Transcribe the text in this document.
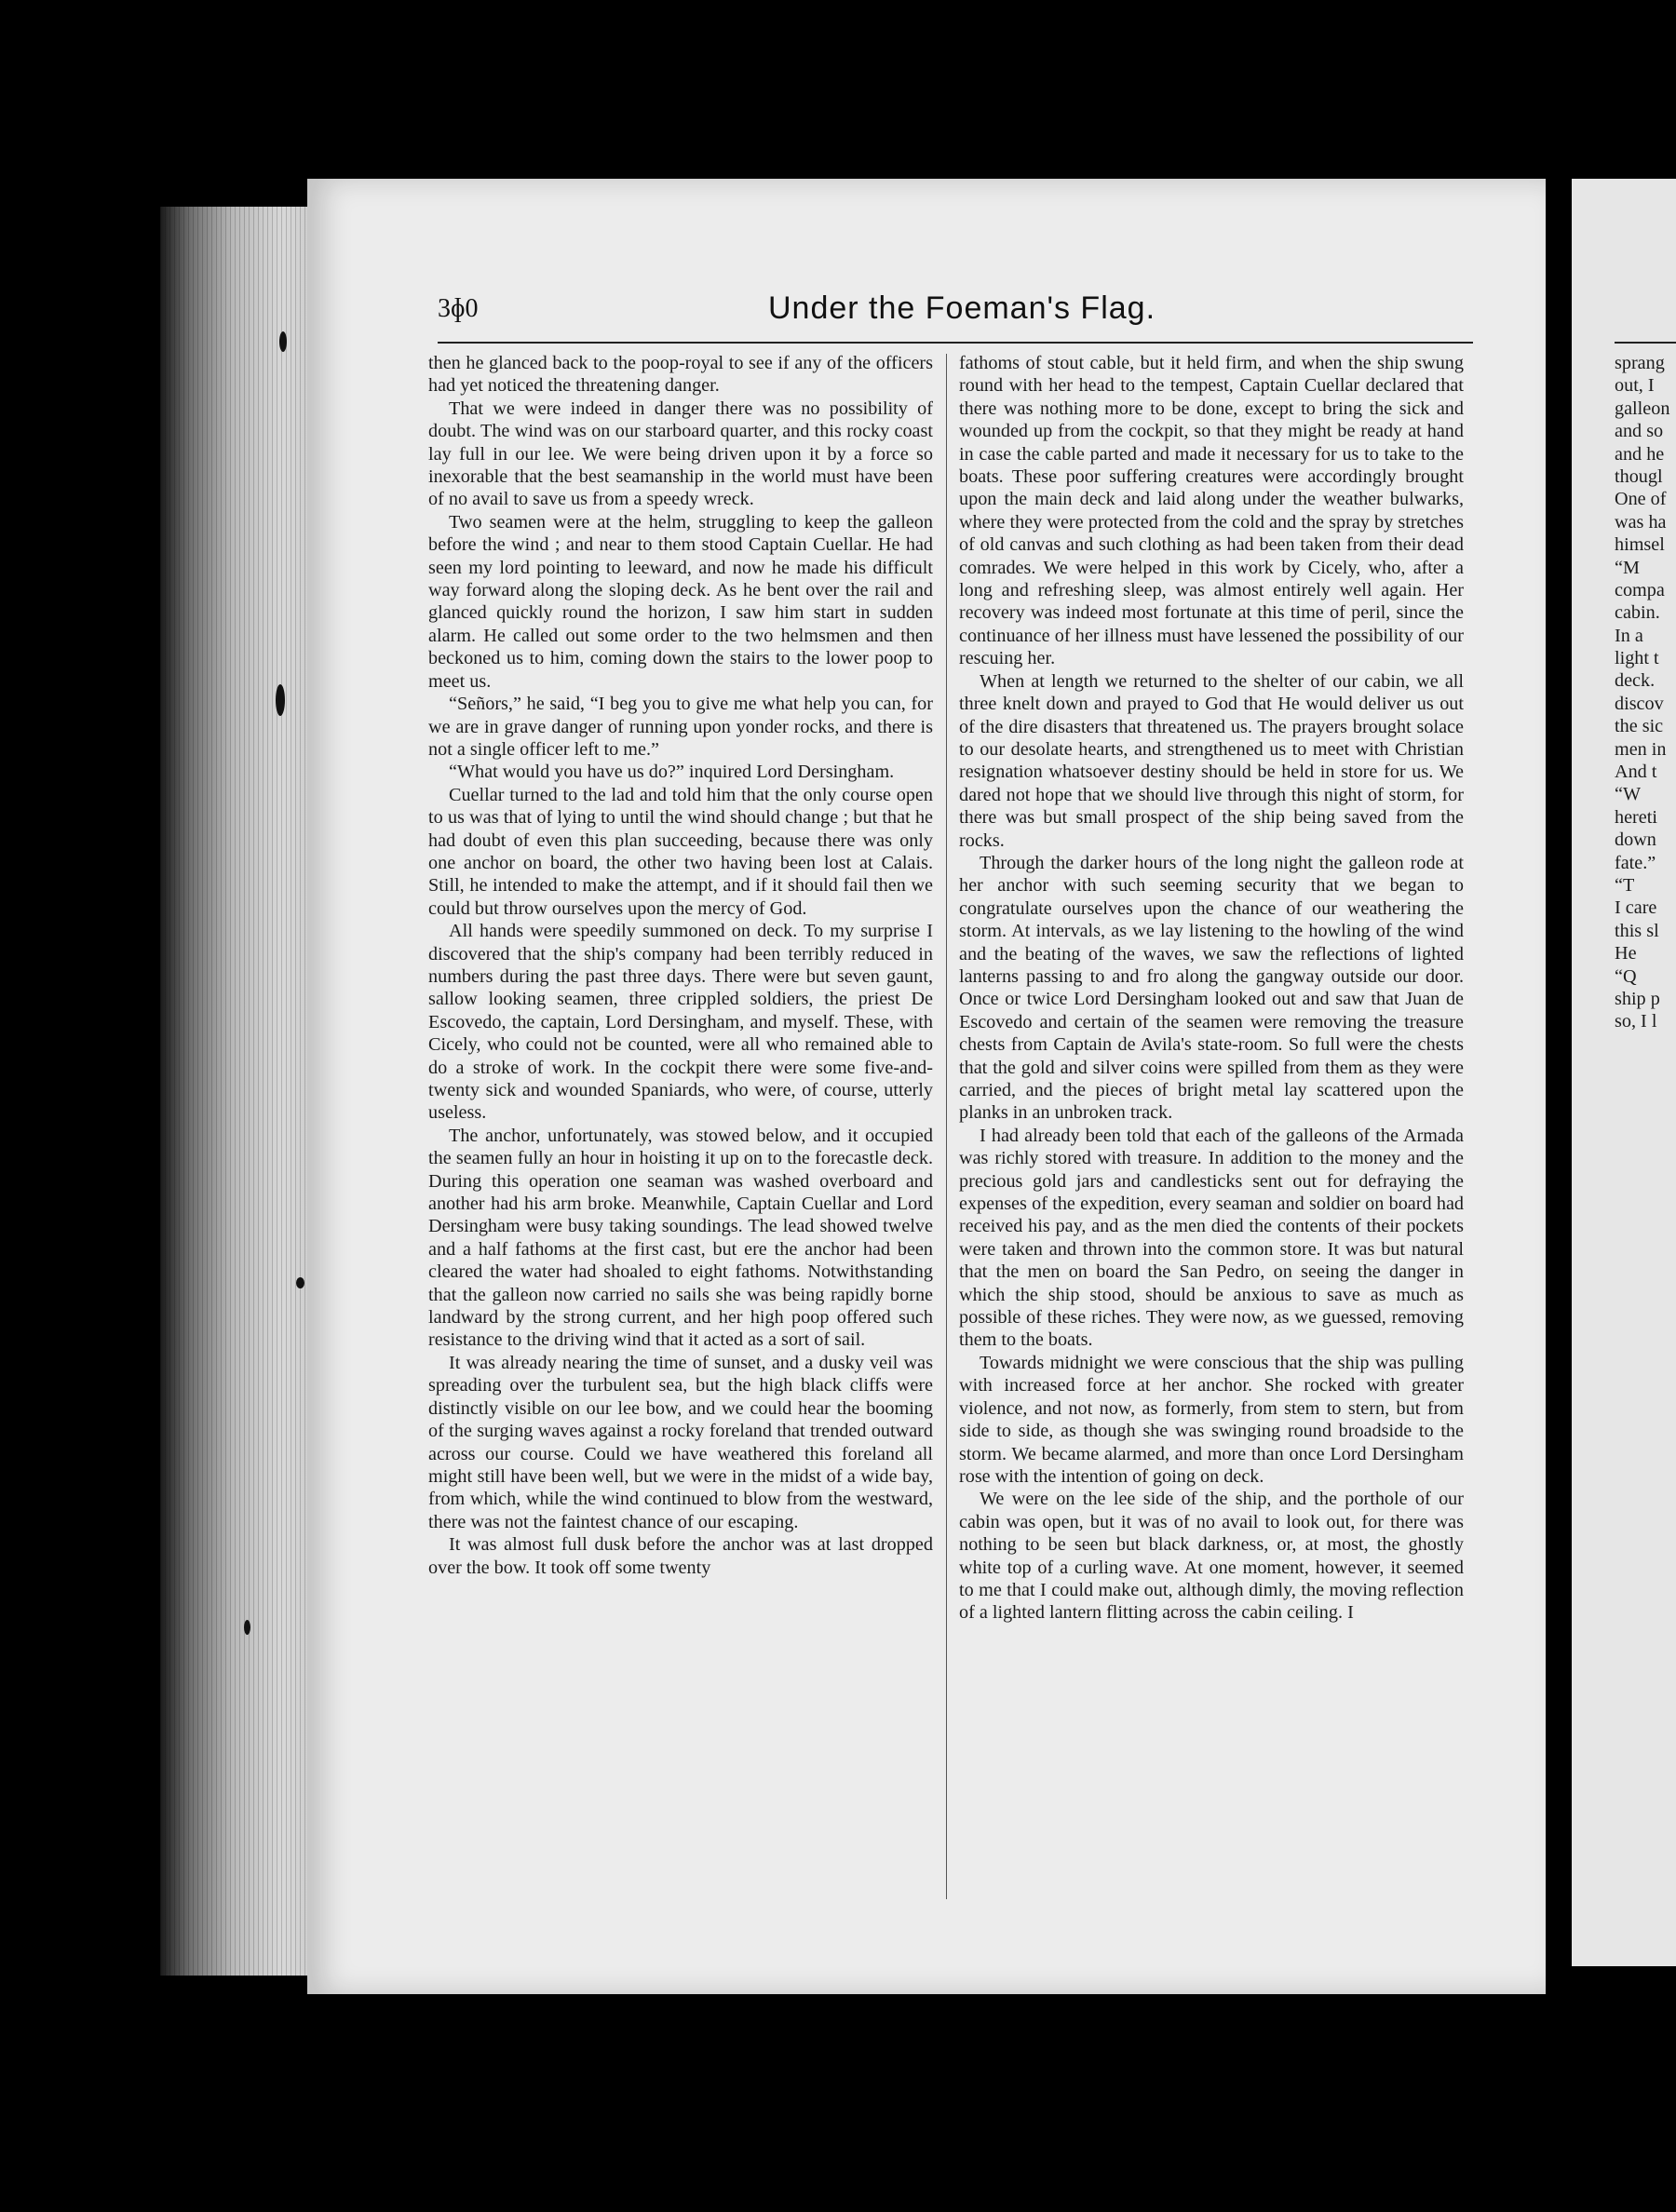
3ɸ0	Under the Foeman's Flag.

then he glanced back to the poop-royal to see if any of the officers had yet noticed the threatening danger.

That we were indeed in danger there was no possibility of doubt. The wind was on our starboard quarter, and this rocky coast lay full in our lee. We were being driven upon it by a force so inexorable that the best seamanship in the world must have been of no avail to save us from a speedy wreck.

Two seamen were at the helm, struggling to keep the galleon before the wind ; and near to them stood Captain Cuellar. He had seen my lord pointing to leeward, and now he made his difficult way forward along the sloping deck. As he bent over the rail and glanced quickly round the horizon, I saw him start in sudden alarm. He called out some order to the two helmsmen and then beckoned us to him, coming down the stairs to the lower poop to meet us.

“Señors,” he said, “I beg you to give me what help you can, for we are in grave danger of running upon yonder rocks, and there is not a single officer left to me.”

“What would you have us do?” inquired Lord Dersingham.

Cuellar turned to the lad and told him that the only course open to us was that of lying to until the wind should change ; but that he had doubt of even this plan succeeding, because there was only one anchor on board, the other two having been lost at Calais. Still, he intended to make the attempt, and if it should fail then we could but throw ourselves upon the mercy of God.

All hands were speedily summoned on deck. To my surprise I discovered that the ship's company had been terribly reduced in numbers during the past three days. There were but seven gaunt, sallow looking seamen, three crippled soldiers, the priest De Escovedo, the captain, Lord Dersingham, and myself. These, with Cicely, who could not be counted, were all who remained able to do a stroke of work. In the cockpit there were some five-and-twenty sick and wounded Spaniards, who were, of course, utterly useless.

The anchor, unfortunately, was stowed below, and it occupied the seamen fully an hour in hoisting it up on to the forecastle deck. During this operation one seaman was washed overboard and another had his arm broke. Meanwhile, Captain Cuellar and Lord Dersingham were busy taking soundings. The lead showed twelve and a half fathoms at the first cast, but ere the anchor had been cleared the water had shoaled to eight fathoms. Notwithstanding that the galleon now carried no sails she was being rapidly borne landward by the strong current, and her high poop offered such resistance to the driving wind that it acted as a sort of sail.

It was already nearing the time of sunset, and a dusky veil was spreading over the turbulent sea, but the high black cliffs were distinctly visible on our lee bow, and we could hear the booming of the surging waves against a rocky foreland that trended outward across our course. Could we have weathered this foreland all might still have been well, but we were in the midst of a wide bay, from which, while the wind continued to blow from the westward, there was not the faintest chance of our escaping.

It was almost full dusk before the anchor was at last dropped over the bow. It took off some twenty

fathoms of stout cable, but it held firm, and when the ship swung round with her head to the tempest, Captain Cuellar declared that there was nothing more to be done, except to bring the sick and wounded up from the cockpit, so that they might be ready at hand in case the cable parted and made it necessary for us to take to the boats. These poor suffering creatures were accordingly brought upon the main deck and laid along under the weather bulwarks, where they were protected from the cold and the spray by stretches of old canvas and such clothing as had been taken from their dead comrades. We were helped in this work by Cicely, who, after a long and refreshing sleep, was almost entirely well again. Her recovery was indeed most fortunate at this time of peril, since the continuance of her illness must have lessened the possibility of our rescuing her.

When at length we returned to the shelter of our cabin, we all three knelt down and prayed to God that He would deliver us out of the dire disasters that threatened us. The prayers brought solace to our desolate hearts, and strengthened us to meet with Christian resignation whatsoever destiny should be held in store for us. We dared not hope that we should live through this night of storm, for there was but small prospect of the ship being saved from the rocks.

Through the darker hours of the long night the galleon rode at her anchor with such seeming security that we began to congratulate ourselves upon the chance of our weathering the storm. At intervals, as we lay listening to the howling of the wind and the beating of the waves, we saw the reflections of lighted lanterns passing to and fro along the gangway outside our door. Once or twice Lord Dersingham looked out and saw that Juan de Escovedo and certain of the seamen were removing the treasure chests from Captain de Avila's state-room. So full were the chests that the gold and silver coins were spilled from them as they were carried, and the pieces of bright metal lay scattered upon the planks in an unbroken track.

I had already been told that each of the galleons of the Armada was richly stored with treasure. In addition to the money and the precious gold jars and candlesticks sent out for defraying the expenses of the expedition, every seaman and soldier on board had received his pay, and as the men died the contents of their pockets were taken and thrown into the common store. It was but natural that the men on board the San Pedro, on seeing the danger in which the ship stood, should be anxious to save as much as possible of these riches. They were now, as we guessed, removing them to the boats.

Towards midnight we were conscious that the ship was pulling with increased force at her anchor. She rocked with greater violence, and not now, as formerly, from stem to stern, but from side to side, as though she was swinging round broadside to the storm. We became alarmed, and more than once Lord Dersingham rose with the intention of going on deck.

We were on the lee side of the ship, and the porthole of our cabin was open, but it was of no avail to look out, for there was nothing to be seen but black darkness, or, at most, the ghostly white top of a curling wave. At one moment, however, it seemed to me that I could make out, although dimly, the moving reflection of a lighted lantern flitting across the cabin ceiling. I

sprang
out, I
galleon
and so
and he
thougl
One of
was ha
himsel
“M
compa
cabin.
In a
light t
deck.
discov
the sic
men in
And t
“W
hereti
down
fate.”
“T
I care
this sl
He
“Q
ship p
so, I l
